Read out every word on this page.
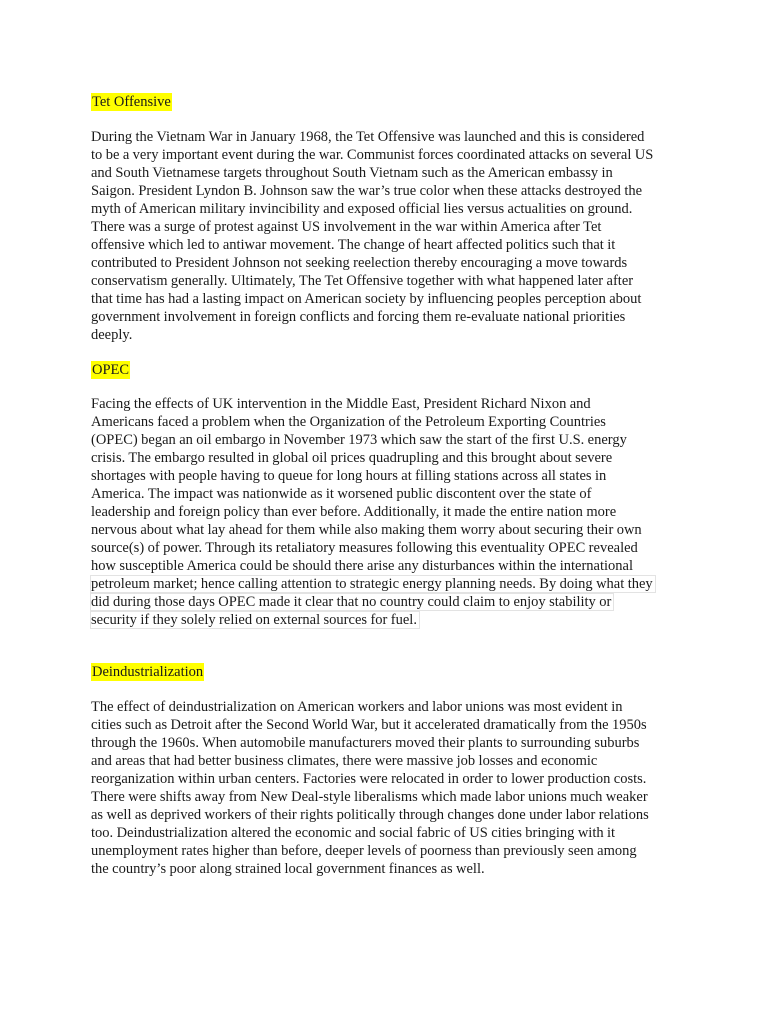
Tet Offensive
During the Vietnam War in January 1968, the Tet Offensive was launched and this is considered
to be a very important event during the war. Communist forces coordinated attacks on several US
and South Vietnamese targets throughout South Vietnam such as the American embassy in
Saigon. President Lyndon B. Johnson saw the war’s true color when these attacks destroyed the
myth of American military invincibility and exposed official lies versus actualities on ground.
There was a surge of protest against US involvement in the war within America after Tet
offensive which led to antiwar movement. The change of heart affected politics such that it
contributed to President Johnson not seeking reelection thereby encouraging a move towards
conservatism generally. Ultimately, The Tet Offensive together with what happened later after
that time has had a lasting impact on American society by influencing peoples perception about
government involvement in foreign conflicts and forcing them re-evaluate national priorities
deeply.
OPEC
Facing the effects of UK intervention in the Middle East, President Richard Nixon and
Americans faced a problem when the Organization of the Petroleum Exporting Countries
(OPEC) began an oil embargo in November 1973 which saw the start of the first U.S. energy
crisis. The embargo resulted in global oil prices quadrupling and this brought about severe
shortages with people having to queue for long hours at filling stations across all states in
America. The impact was nationwide as it worsened public discontent over the state of
leadership and foreign policy than ever before. Additionally, it made the entire nation more
nervous about what lay ahead for them while also making them worry about securing their own
source(s) of power. Through its retaliatory measures following this eventuality OPEC revealed
how susceptible America could be should there arise any disturbances within the international
petroleum market; hence calling attention to strategic energy planning needs. By doing what they
did during those days OPEC made it clear that no country could claim to enjoy stability or
security if they solely relied on external sources for fuel.
Deindustrialization
The effect of deindustrialization on American workers and labor unions was most evident in
cities such as Detroit after the Second World War, but it accelerated dramatically from the 1950s
through the 1960s. When automobile manufacturers moved their plants to surrounding suburbs
and areas that had better business climates, there were massive job losses and economic
reorganization within urban centers. Factories were relocated in order to lower production costs.
There were shifts away from New Deal-style liberalisms which made labor unions much weaker
as well as deprived workers of their rights politically through changes done under labor relations
too. Deindustrialization altered the economic and social fabric of US cities bringing with it
unemployment rates higher than before, deeper levels of poorness than previously seen among
the country’s poor along strained local government finances as well.
